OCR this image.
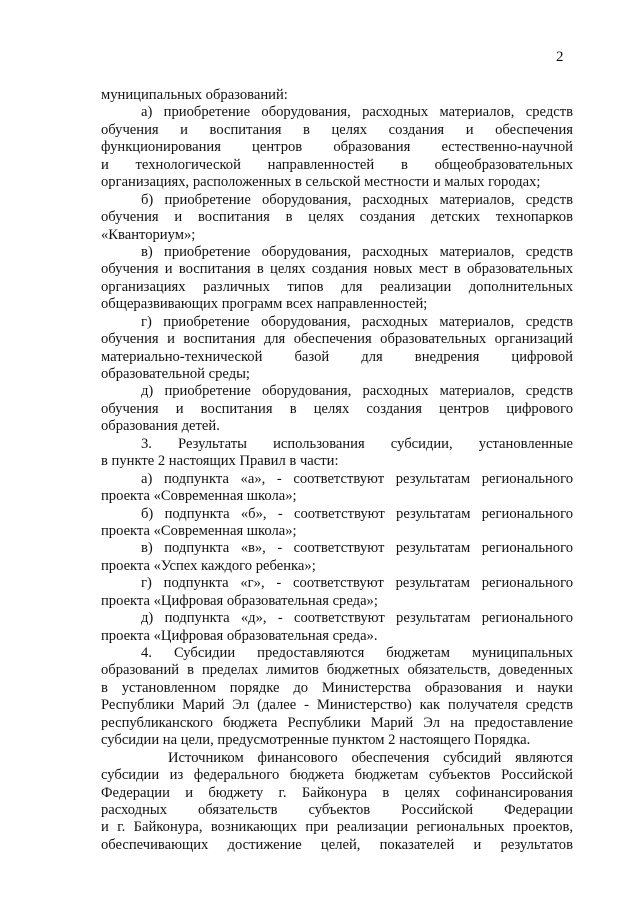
2
муниципальных образований:
а) приобретение оборудования, расходных материалов, средств
обучения и воспитания в целях создания и обеспечения
функционирования центров образования естественно-научной
и технологической направленностей в общеобразовательных
организациях, расположенных в сельской местности и малых городах;
б) приобретение оборудования, расходных материалов, средств
обучения и воспитания в целях создания детских технопарков
«Кванториум»;
в) приобретение оборудования, расходных материалов, средств
обучения и воспитания в целях создания новых мест в образовательных
организациях различных типов для реализации дополнительных
общеразвивающих программ всех направленностей;
г) приобретение оборудования, расходных материалов, средств
обучения и воспитания для обеспечения образовательных организаций
материально-технической базой для внедрения цифровой
образовательной среды;
д) приобретение оборудования, расходных материалов, средств
обучения и воспитания в целях создания центров цифрового
образования детей.
3. Результаты использования субсидии, установленные
в пункте 2 настоящих Правил в части:
а) подпункта «а», - соответствуют результатам регионального
проекта «Современная школа»;
б) подпункта «б», - соответствуют результатам регионального
проекта «Современная школа»;
в) подпункта «в», - соответствуют результатам регионального
проекта «Успех каждого ребенка»;
г) подпункта «г», - соответствуют результатам регионального
проекта «Цифровая образовательная среда»;
д) подпункта «д», - соответствуют результатам регионального
проекта «Цифровая образовательная среда».
4. Субсидии предоставляются бюджетам муниципальных
образований в пределах лимитов бюджетных обязательств, доведенных
в установленном порядке до Министерства образования и науки
Республики Марий Эл (далее - Министерство) как получателя средств
республиканского бюджета Республики Марий Эл на предоставление
субсидии на цели, предусмотренные пунктом 2 настоящего Порядка.
Источником финансового обеспечения субсидий являются
субсидии из федерального бюджета бюджетам субъектов Российской
Федерации и бюджету г. Байконура в целях софинансирования
расходных обязательств субъектов Российской Федерации
и г. Байконура, возникающих при реализации региональных проектов,
обеспечивающих достижение целей, показателей и результатов
